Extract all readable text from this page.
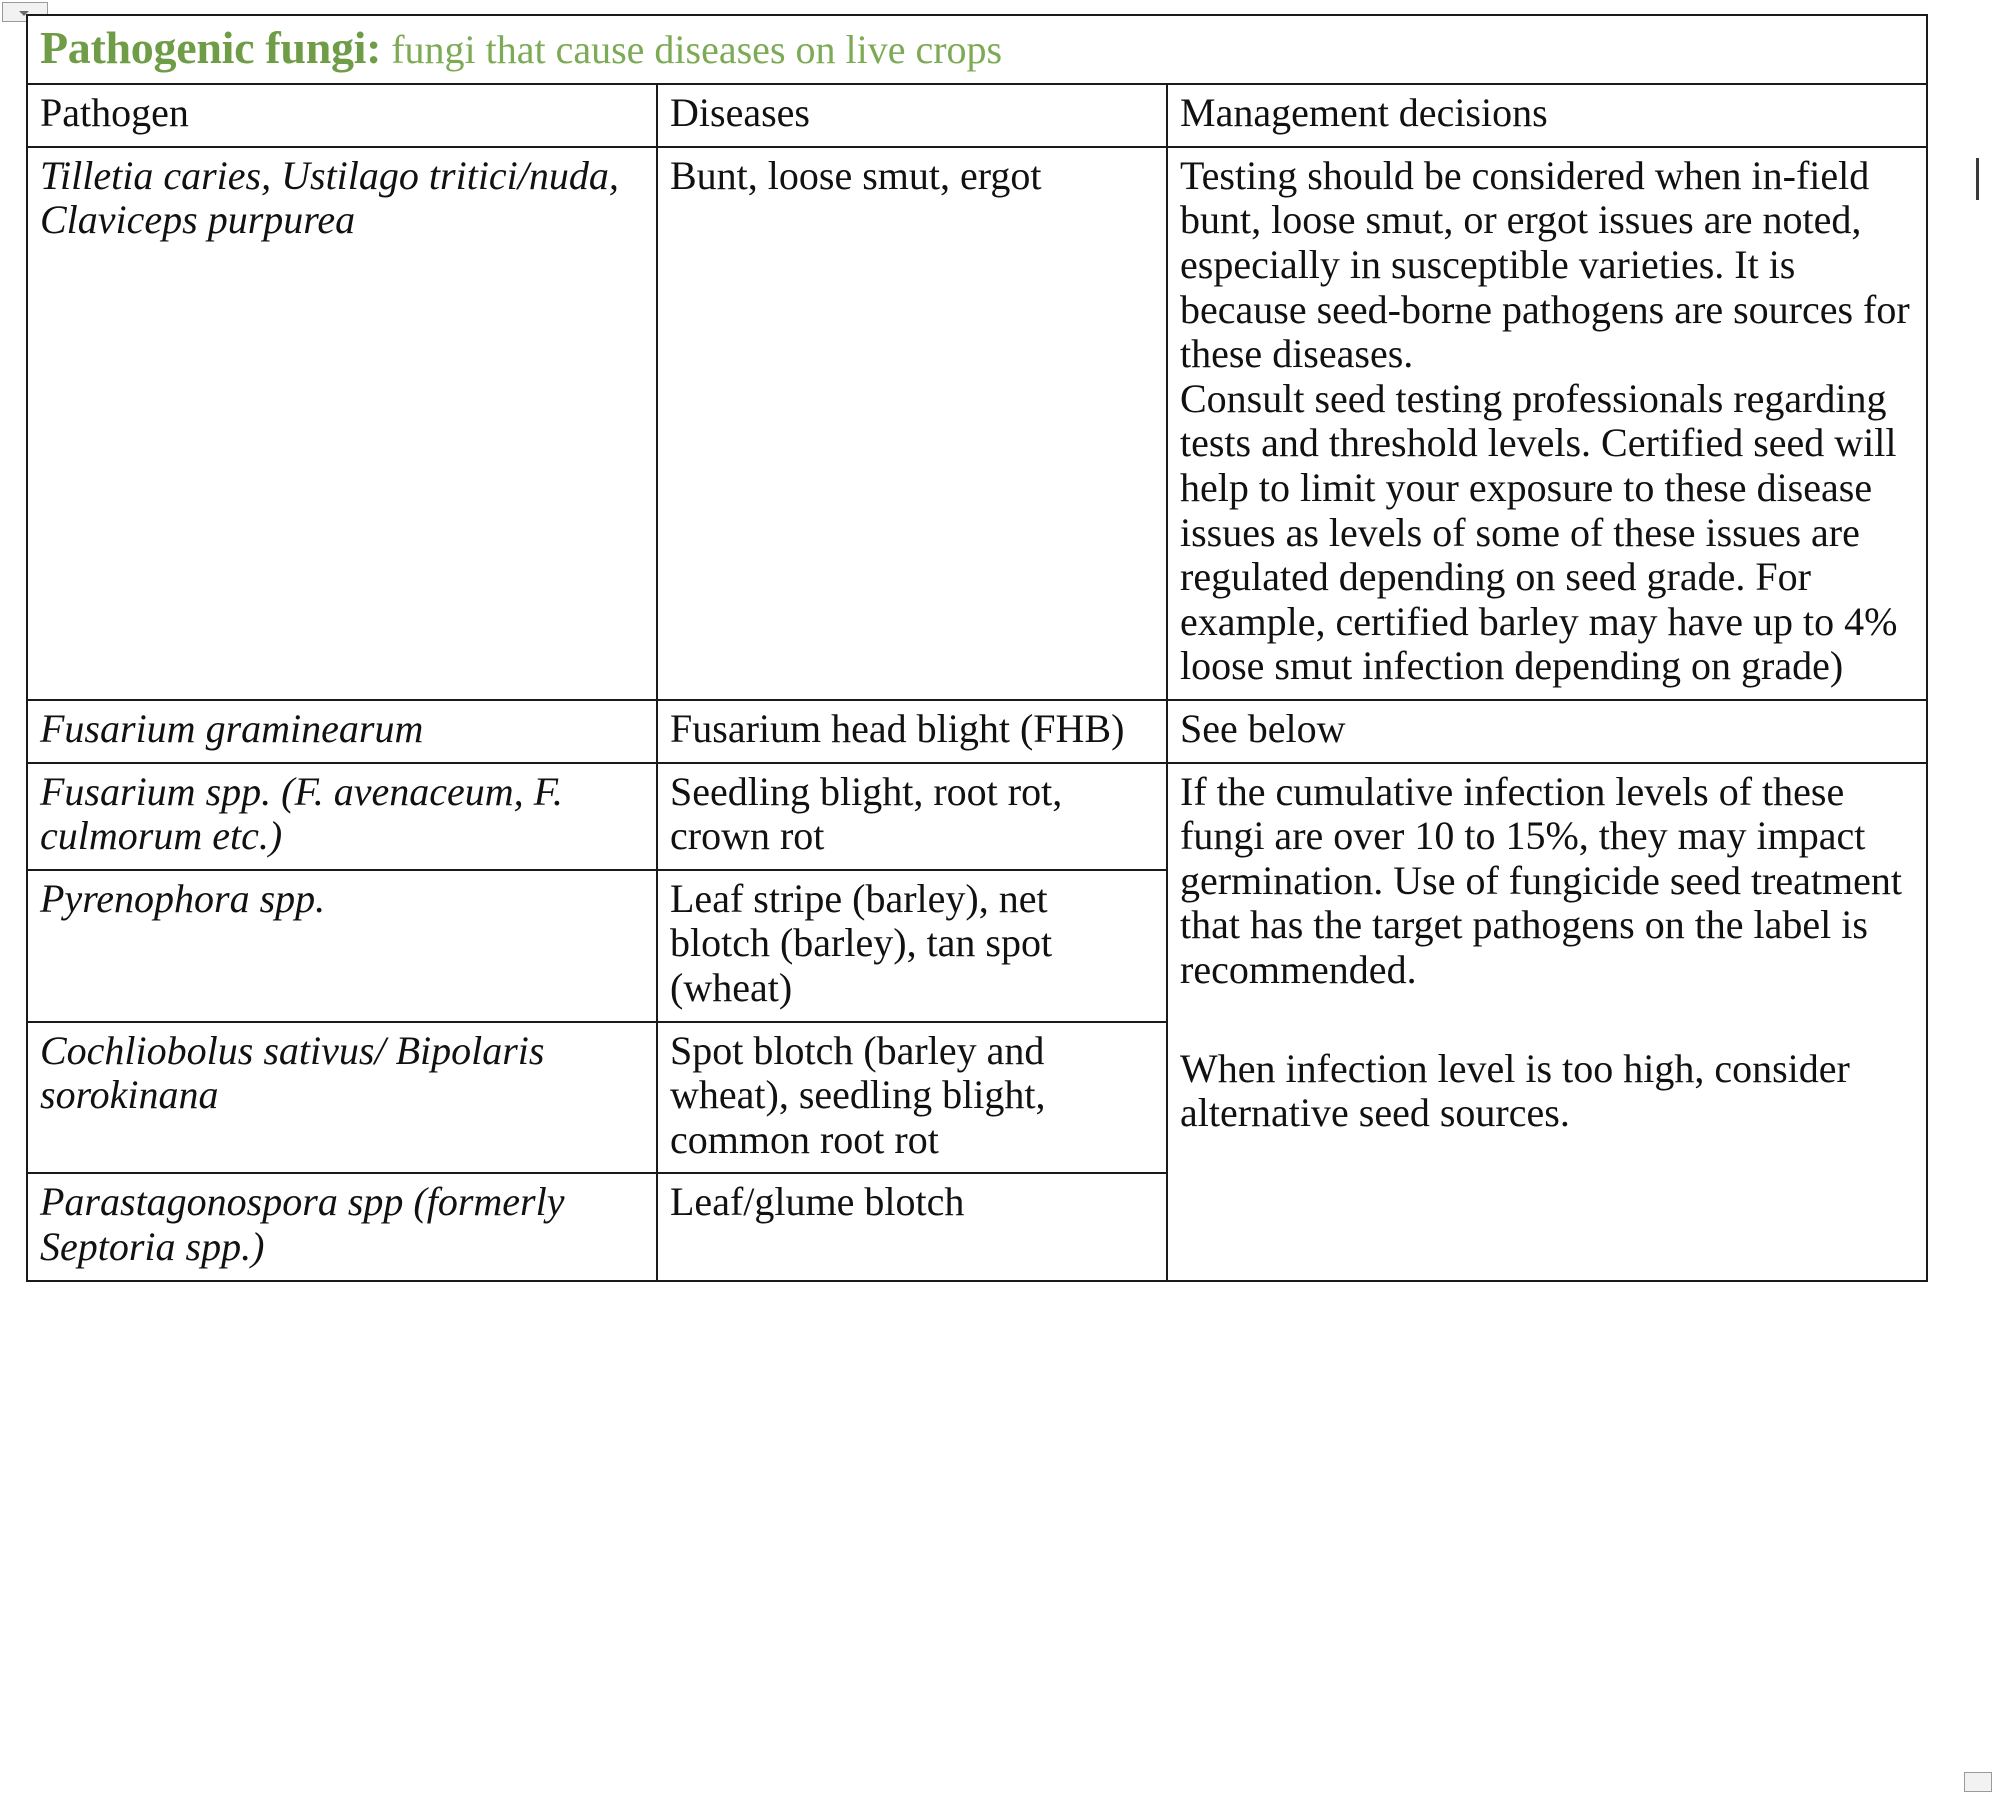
Pathogenic fungi: fungi that cause diseases on live crops		
Pathogen	Diseases	Management decisions

Tilletia caries, Ustilago tritici/nuda, Claviceps purpurea	Bunt, loose smut, ergot	Testing should be considered when in-field bunt, loose smut, or ergot issues are noted, especially in susceptible varieties. It is because seed-borne pathogens are sources for these diseases.

Consult seed testing professionals regarding tests and threshold levels. Certified seed will help to limit your exposure to these disease issues as levels of some of these issues are regulated depending on seed grade. For example, certified barley may have up to 4% loose smut infection depending on grade)

Fusarium graminearum	Fusarium head blight (FHB)	See below

Fusarium spp. (F. avenaceum, F. culmorum etc.)	Seedling blight, root rot, crown rot	If the cumulative infection levels of these fungi are over 10 to 15%, they may impact germination. Use of fungicide seed treatment that has the target pathogens on the label is recommended.

When infection level is too high, consider alternative seed sources.

Pyrenophora spp.	Leaf stripe (barley), net blotch (barley), tan spot (wheat)	

Cochliobolus sativus/ Bipolaris sorokinana	Spot blotch (barley and wheat), seedling blight, common root rot	

Parastagonospora spp (formerly Septoria spp.)	Leaf/glume blotch	
